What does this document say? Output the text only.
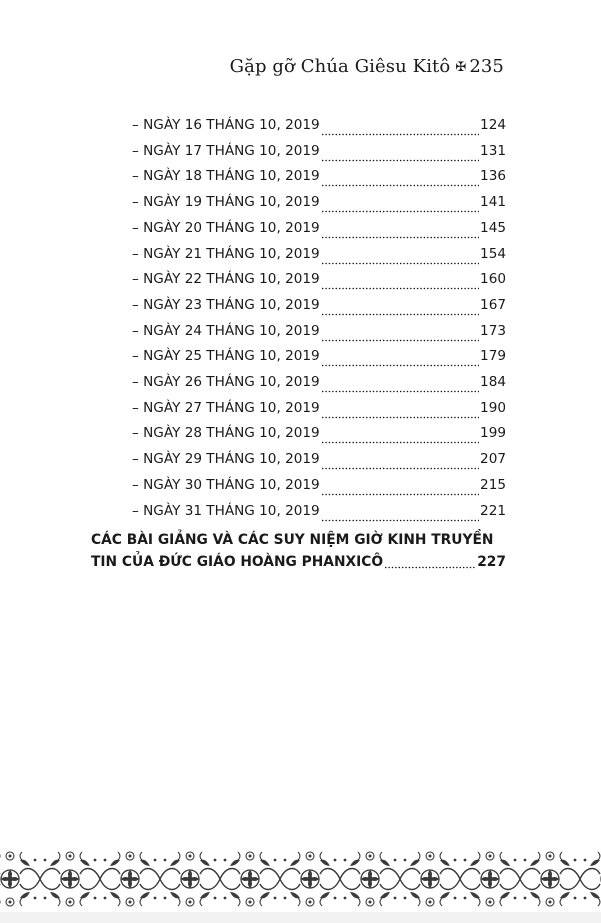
Gặp gỡ Chúa Giêsu Kitô ✠ 235
– NGÀY 16 THÁNG 10, 2019	124
– NGÀY 17 THÁNG 10, 2019	131
– NGÀY 18 THÁNG 10, 2019	136
– NGÀY 19 THÁNG 10, 2019	141
– NGÀY 20 THÁNG 10, 2019	145
– NGÀY 21 THÁNG 10, 2019	154
– NGÀY 22 THÁNG 10, 2019	160
– NGÀY 23 THÁNG 10, 2019	167
– NGÀY 24 THÁNG 10, 2019	173
– NGÀY 25 THÁNG 10, 2019	179
– NGÀY 26 THÁNG 10, 2019	184
– NGÀY 27 THÁNG 10, 2019	190
– NGÀY 28 THÁNG 10, 2019	199
– NGÀY 29 THÁNG 10, 2019	207
– NGÀY 30 THÁNG 10, 2019	215
– NGÀY 31 THÁNG 10, 2019	221
CÁC BÀI GIẢNG VÀ CÁC SUY NIỆM GIỜ KINH TRUYỀN
TIN CỦA ĐỨC GIÁO HOÀNG PHANXICÔ	227
